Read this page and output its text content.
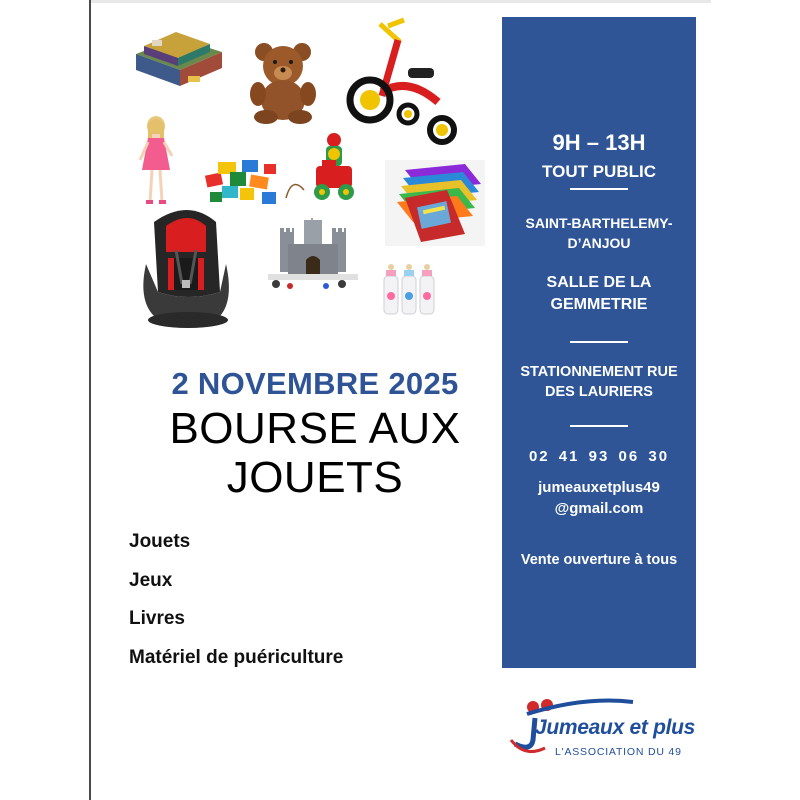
2 NOVEMBRE 2025
BOURSE AUX
JOUETS
Jouets
Jeux
Livres
Matériel de puériculture
9H – 13H
TOUT PUBLIC
SAINT-BARTHELEMY-
D’ANJOU
SALLE DE LA
GEMMETRIE
STATIONNEMENT RUE
DES LAURIERS
02 41 93 06 30
jumeauxetplus49
@gmail.com
Vente ouverture à tous
Jumeaux et plus
L'ASSOCIATION DU 49
